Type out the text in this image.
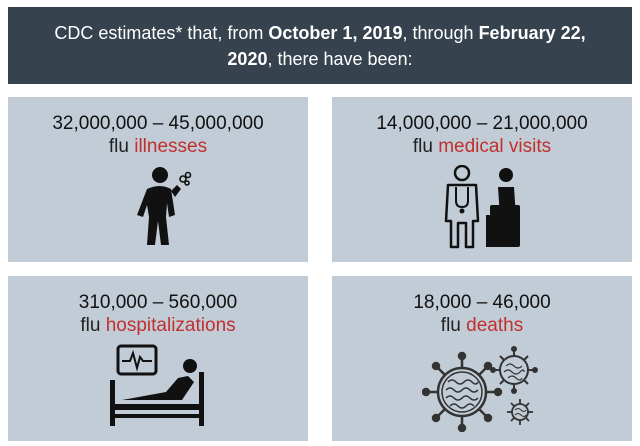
CDC estimates* that, from October 1, 2019, through February 22,
2020, there have been:
32,000,000 – 45,000,000
flu illnesses
14,000,000 – 21,000,000
flu medical visits
310,000 – 560,000
flu hospitalizations
18,000 – 46,000
flu deaths
